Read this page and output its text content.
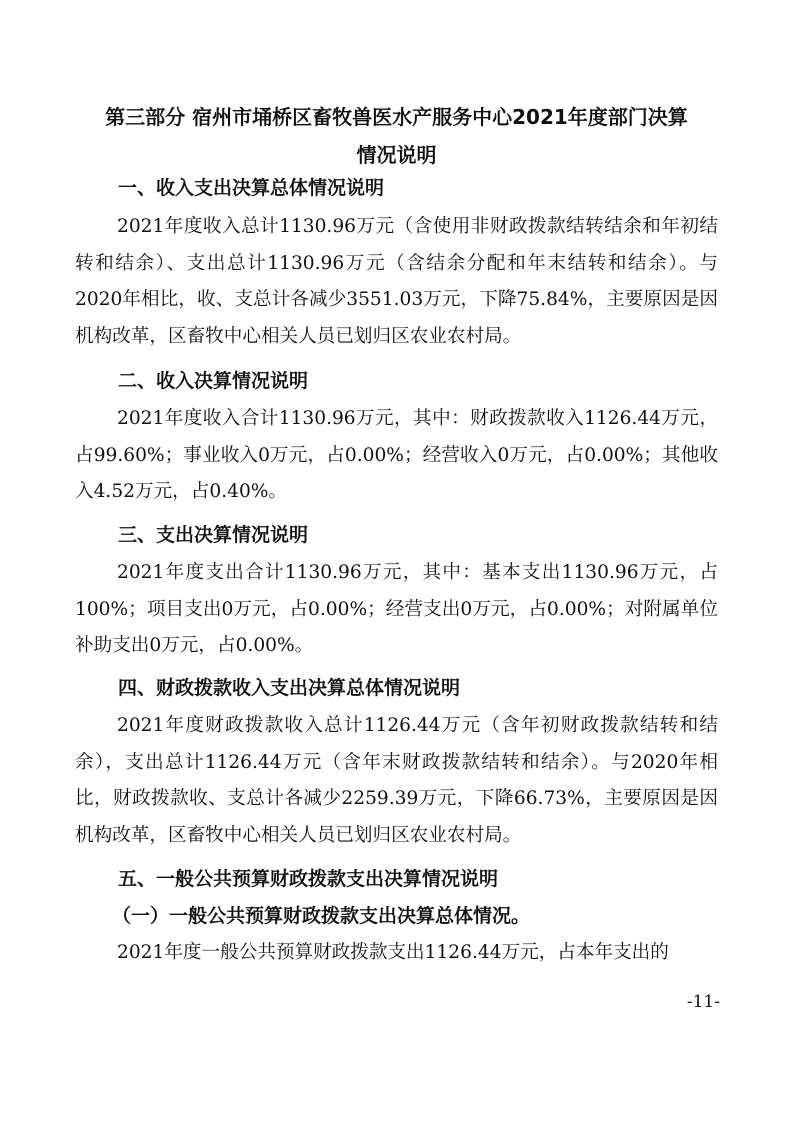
第三部分 宿州市埇桥区畜牧兽医水产服务中心2021年度部门决算
情况说明
一、收入支出决算总体情况说明

2021年度收入总计1130.96万元（含使用非财政拨款结转结余和年初结转和结余）、支出总计1130.96万元（含结余分配和年末结转和结余）。与2020年相比，收、支总计各减少3551.03万元，下降75.84%，主要原因是因机构改革，区畜牧中心相关人员已划归区农业农村局。

二、收入决算情况说明

2021年度收入合计1130.96万元，其中：财政拨款收入1126.44万元，占99.60%；事业收入0万元，占0.00%；经营收入0万元，占0.00%；其他收入4.52万元，占0.40%。

三、支出决算情况说明

2021年度支出合计1130.96万元，其中：基本支出1130.96万元，占100%；项目支出0万元，占0.00%；经营支出0万元，占0.00%；对附属单位补助支出0万元，占0.00%。

四、财政拨款收入支出决算总体情况说明

2021年度财政拨款收入总计1126.44万元（含年初财政拨款结转和结余），支出总计1126.44万元（含年末财政拨款结转和结余）。与2020年相比，财政拨款收、支总计各减少2259.39万元，下降66.73%，主要原因是因机构改革，区畜牧中心相关人员已划归区农业农村局。

五、一般公共预算财政拨款支出决算情况说明
（一）一般公共预算财政拨款支出决算总体情况。

2021年度一般公共预算财政拨款支出1126.44万元，占本年支出的

-11-
